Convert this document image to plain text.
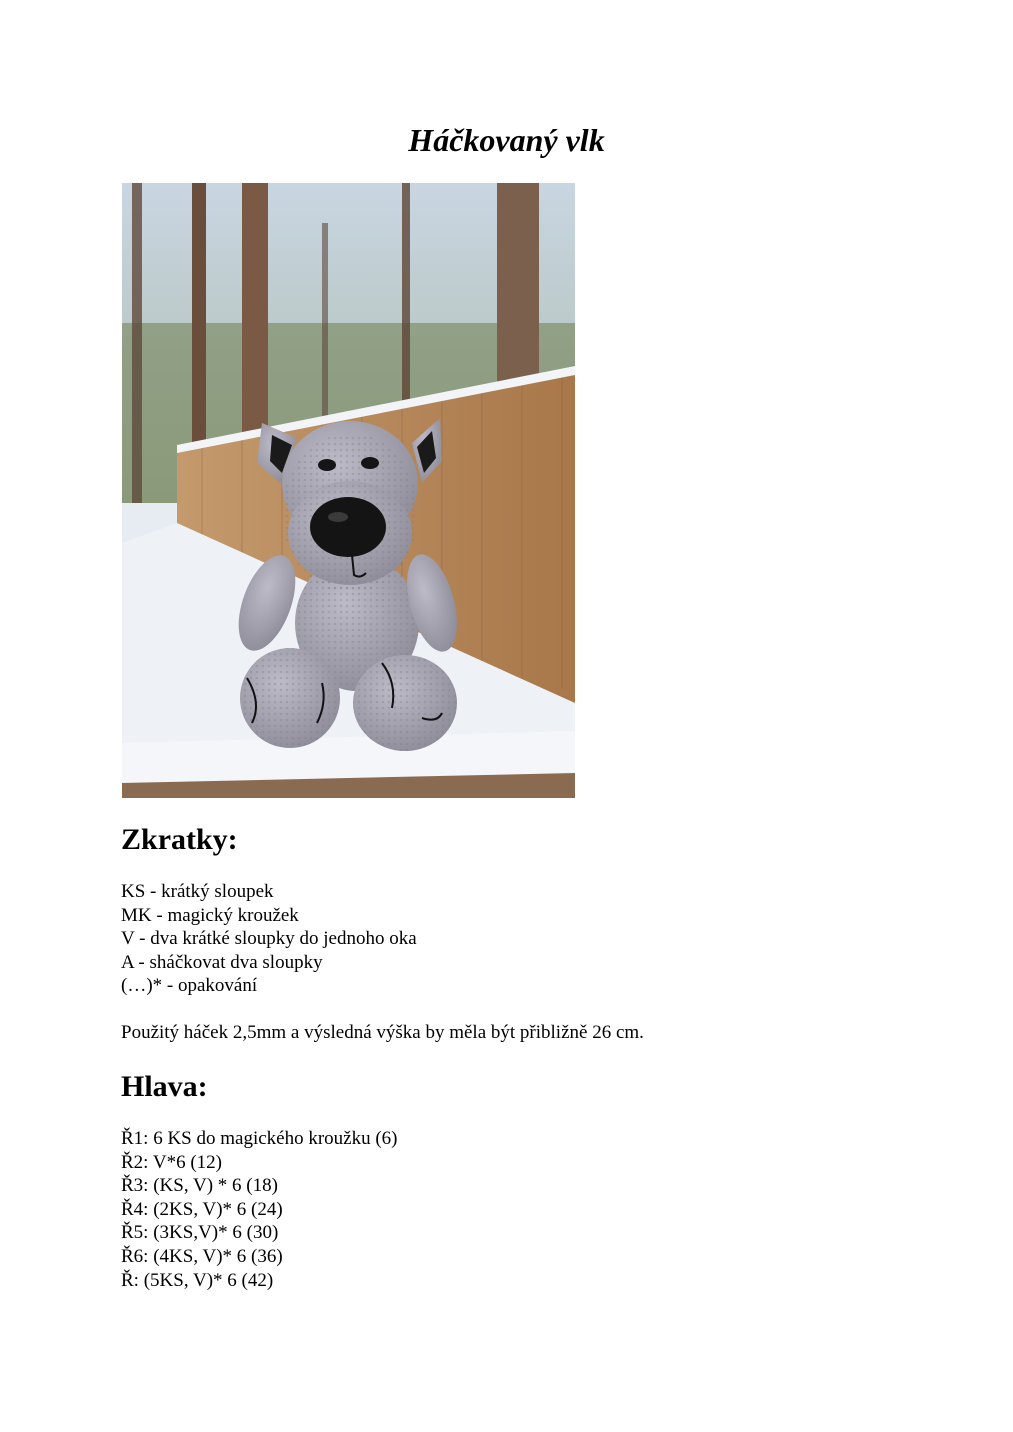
Háčkovaný vlk
Zkratky:
KS - krátký sloupek
MK - magický kroužek
V - dva krátké sloupky do jednoho oka
A - sháčkovat dva sloupky
(…)* - opakování

Použitý háček 2,5mm a výsledná výška by měla být přibližně 26 cm.

Hlava:
Ř1: 6 KS do magického kroužku (6)
Ř2: V*6 (12)
Ř3: (KS, V) * 6 (18)
Ř4: (2KS, V)* 6 (24)
Ř5: (3KS,V)* 6 (30)
Ř6: (4KS, V)* 6 (36)
Ř: (5KS, V)* 6 (42)
